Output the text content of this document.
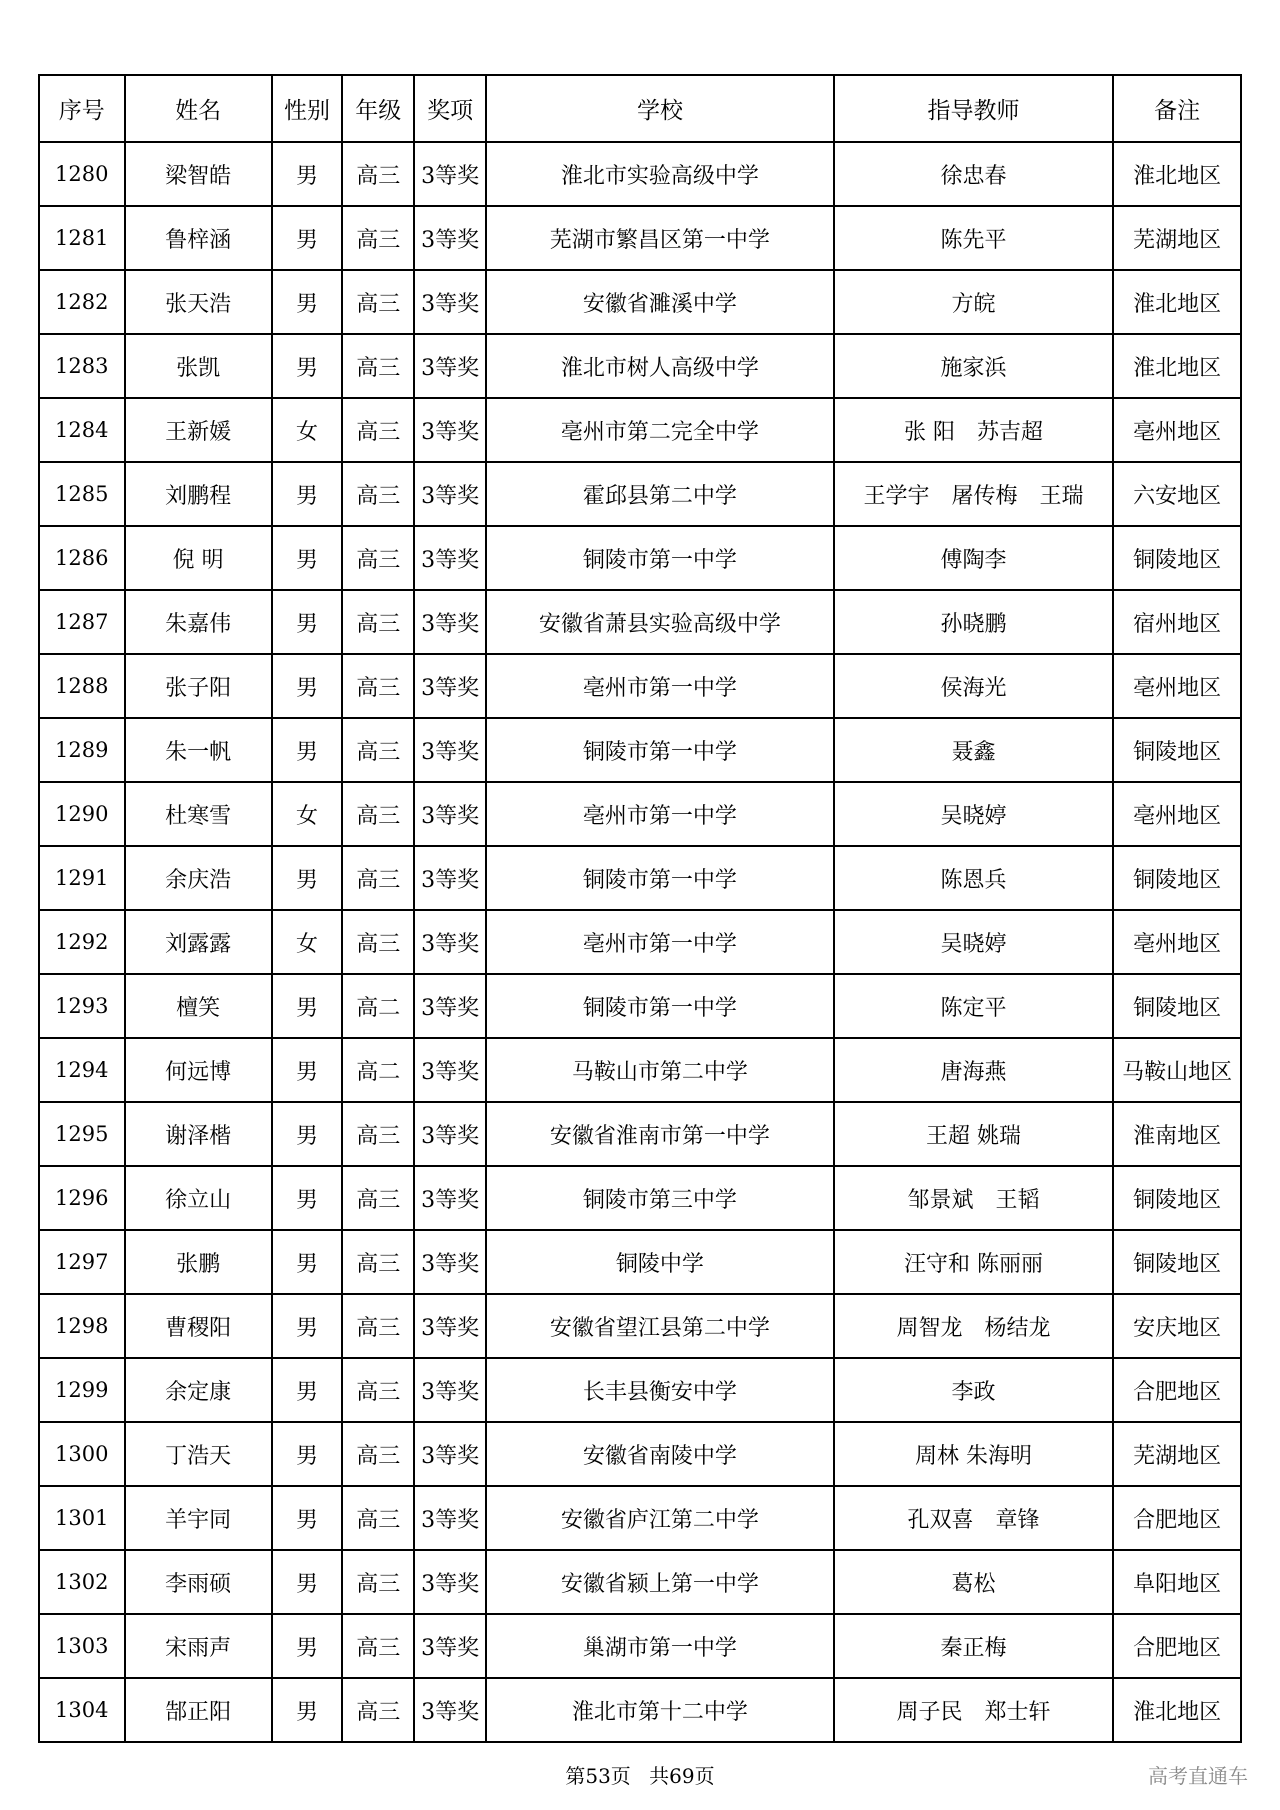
序号	姓名	性别	年级	奖项	学校	指导教师	备注
1280	梁智皓	男	高三	3等奖	淮北市实验高级中学	徐忠春	淮北地区
1281	鲁梓涵	男	高三	3等奖	芜湖市繁昌区第一中学	陈先平	芜湖地区
1282	张天浩	男	高三	3等奖	安徽省濉溪中学	方皖	淮北地区
1283	张凯	男	高三	3等奖	淮北市树人高级中学	施家浜	淮北地区
1284	王新媛	女	高三	3等奖	亳州市第二完全中学	张 阳　苏吉超	亳州地区
1285	刘鹏程	男	高三	3等奖	霍邱县第二中学	王学宇　屠传梅　王瑞	六安地区
1286	倪 明	男	高三	3等奖	铜陵市第一中学	傅陶李	铜陵地区
1287	朱嘉伟	男	高三	3等奖	安徽省萧县实验高级中学	孙晓鹏	宿州地区
1288	张子阳	男	高三	3等奖	亳州市第一中学	侯海光	亳州地区
1289	朱一帆	男	高三	3等奖	铜陵市第一中学	聂鑫	铜陵地区
1290	杜寒雪	女	高三	3等奖	亳州市第一中学	吴晓婷	亳州地区
1291	余庆浩	男	高三	3等奖	铜陵市第一中学	陈恩兵	铜陵地区
1292	刘露露	女	高三	3等奖	亳州市第一中学	吴晓婷	亳州地区
1293	檀笑	男	高二	3等奖	铜陵市第一中学	陈定平	铜陵地区
1294	何远博	男	高二	3等奖	马鞍山市第二中学	唐海燕	马鞍山地区
1295	谢泽楷	男	高三	3等奖	安徽省淮南市第一中学	王超 姚瑞	淮南地区
1296	徐立山	男	高三	3等奖	铜陵市第三中学	邹景斌　王韬	铜陵地区
1297	张鹏	男	高三	3等奖	铜陵中学	汪守和 陈丽丽	铜陵地区
1298	曹稷阳	男	高三	3等奖	安徽省望江县第二中学	周智龙　杨结龙	安庆地区
1299	余定康	男	高三	3等奖	长丰县衡安中学	李政	合肥地区
1300	丁浩天	男	高三	3等奖	安徽省南陵中学	周林 朱海明	芜湖地区
1301	羊宇同	男	高三	3等奖	安徽省庐江第二中学	孔双喜　章锋	合肥地区
1302	李雨硕	男	高三	3等奖	安徽省颍上第一中学	葛松	阜阳地区
1303	宋雨声	男	高三	3等奖	巢湖市第一中学	秦正梅	合肥地区
1304	郜正阳	男	高三	3等奖	淮北市第十二中学	周子民　郑士轩	淮北地区
第53页 共69页	高考直通车
